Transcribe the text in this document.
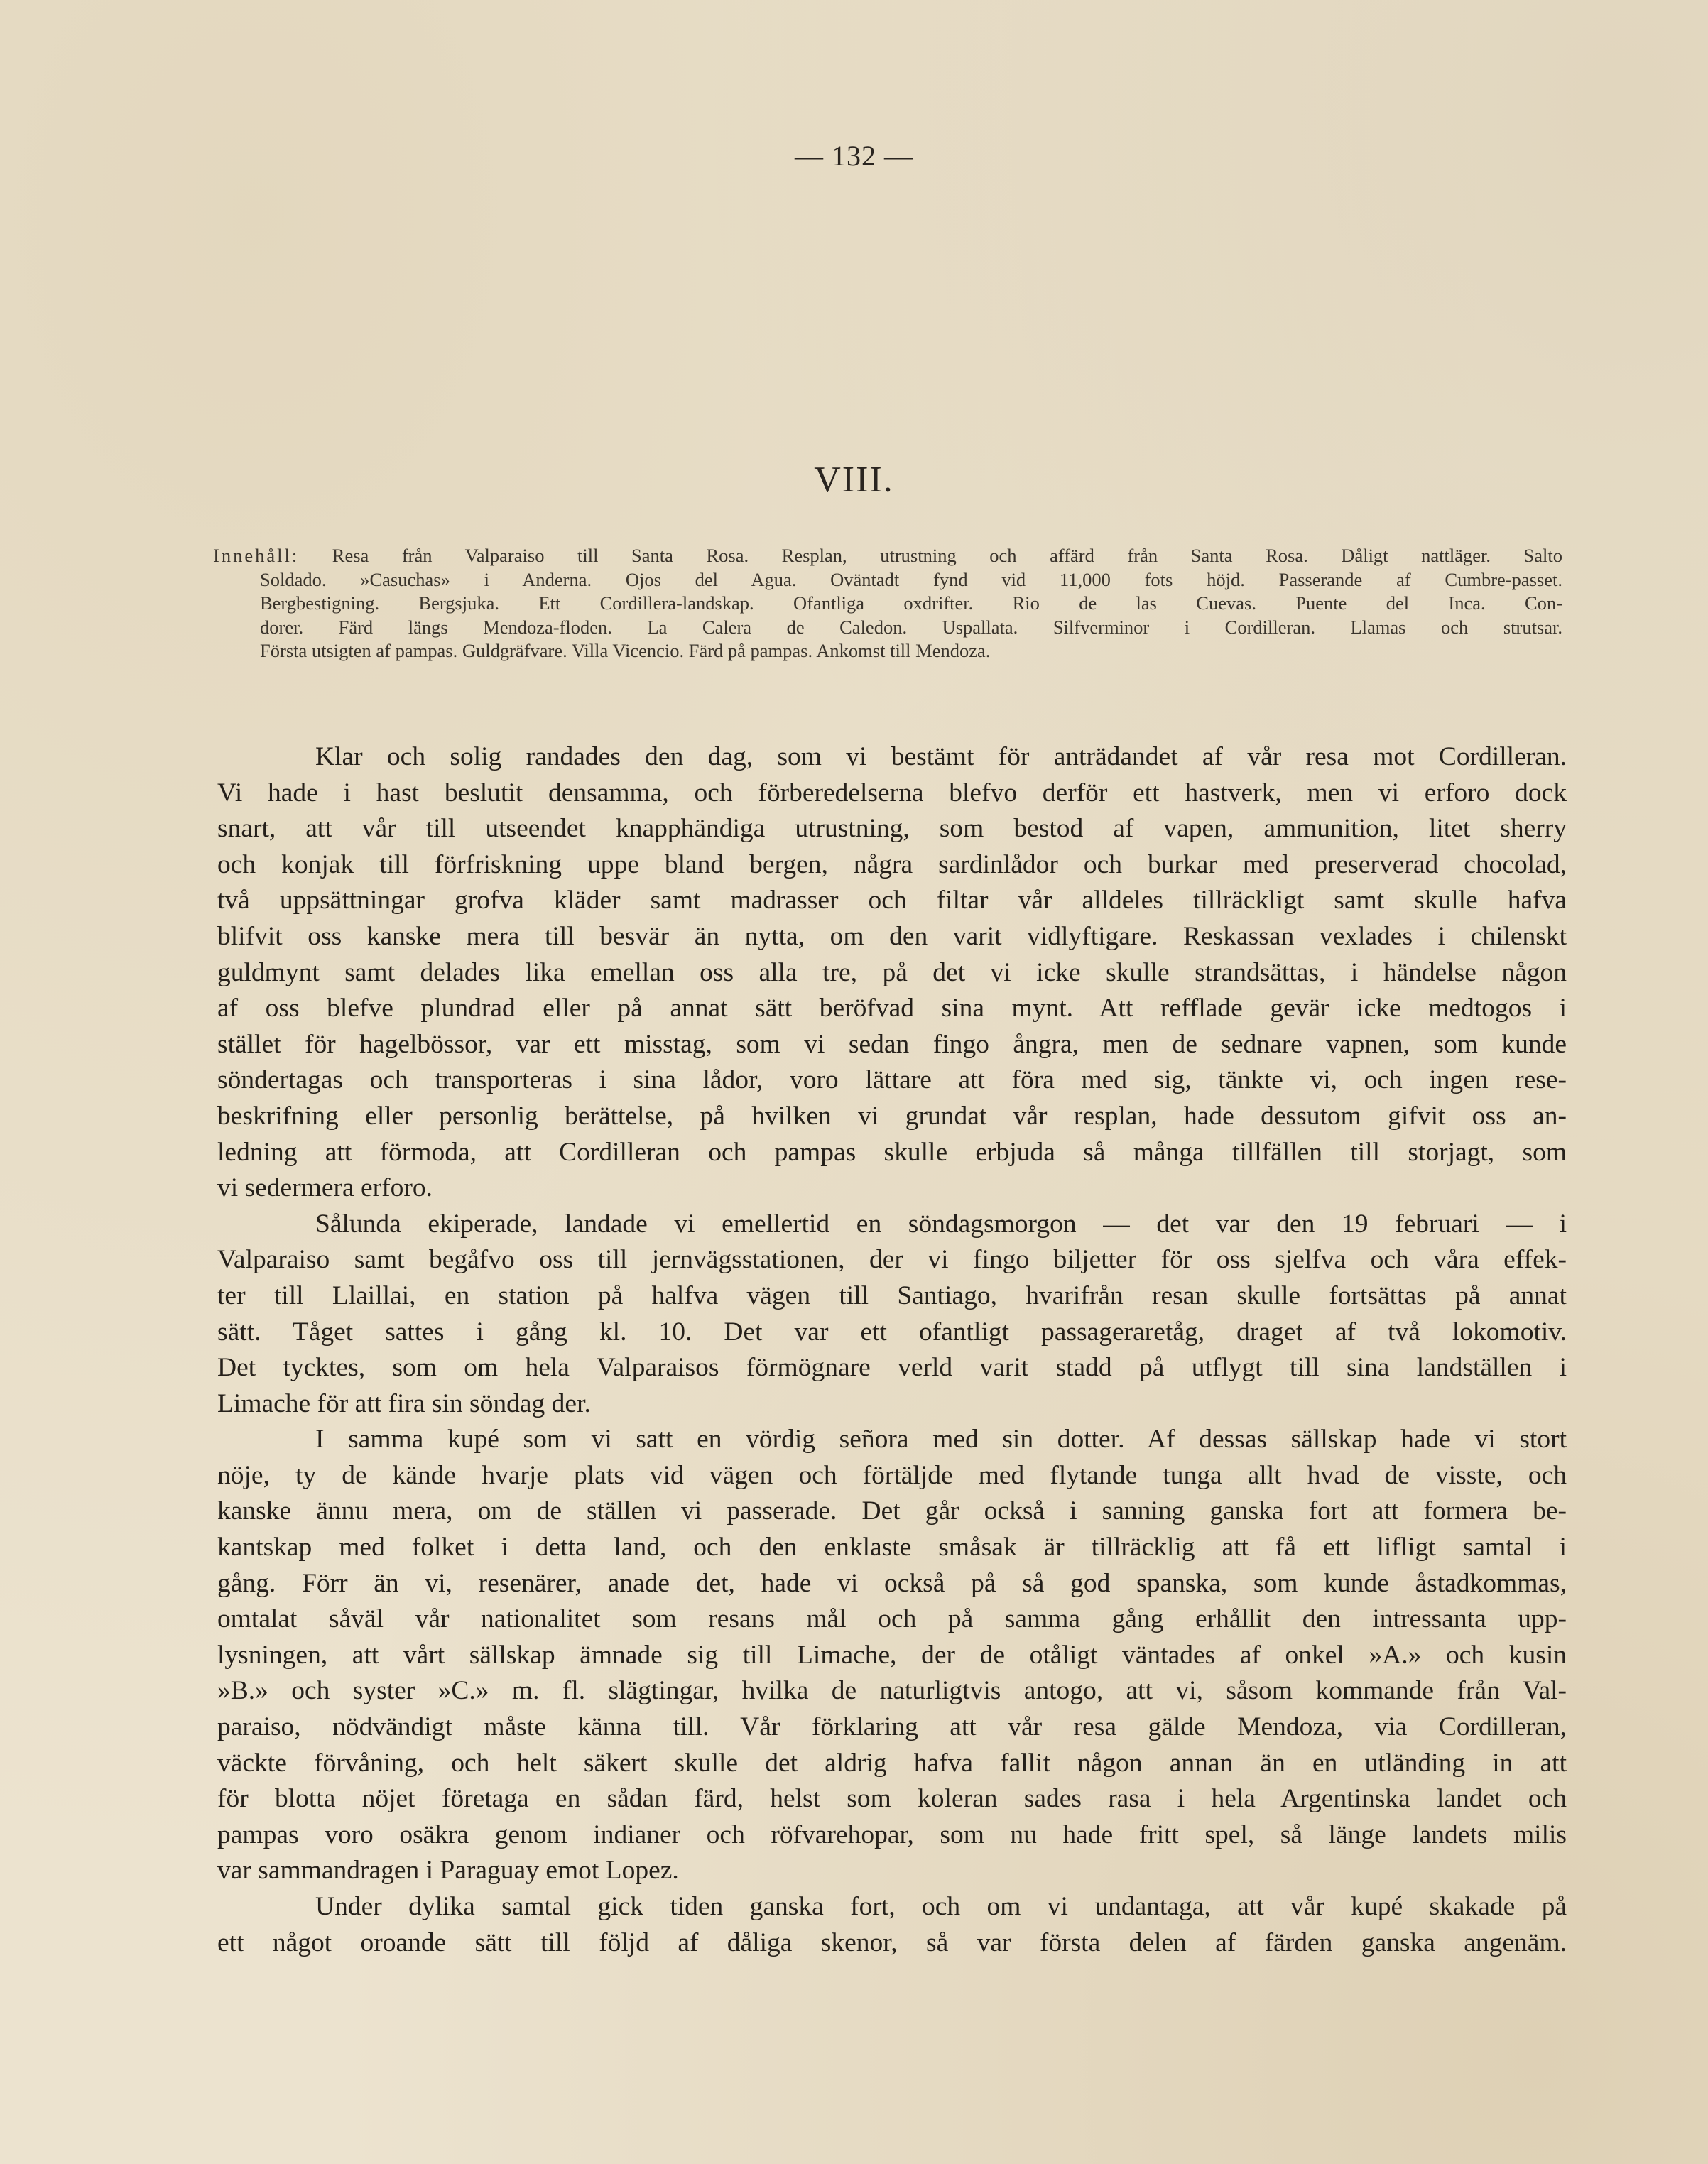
— 132 —
VIII.
Innehåll: Resa från Valparaiso till Santa Rosa. Resplan, utrustning och affärd från Santa Rosa. Dåligt nattläger. Salto
Soldado. »Casuchas» i Anderna. Ojos del Agua. Oväntadt fynd vid 11,000 fots höjd. Passerande af Cumbre-passet.
Bergbestigning. Bergsjuka. Ett Cordillera-landskap. Ofantliga oxdrifter. Rio de las Cuevas. Puente del Inca. Con-
dorer. Färd längs Mendoza-floden. La Calera de Caledon. Uspallata. Silfverminor i Cordilleran. Llamas och strutsar.
Första utsigten af pampas. Guldgräfvare. Villa Vicencio. Färd på pampas. Ankomst till Mendoza.
Klar och solig randades den dag, som vi bestämt för anträdandet af vår resa mot Cordilleran.
Vi hade i hast beslutit densamma, och förberedelserna blefvo derför ett hastverk, men vi erforo dock
snart, att vår till utseendet knapphändiga utrustning, som bestod af vapen, ammunition, litet sherry
och konjak till förfriskning uppe bland bergen, några sardinlådor och burkar med preserverad chocolad,
två uppsättningar grofva kläder samt madrasser och filtar vår alldeles tillräckligt samt skulle hafva
blifvit oss kanske mera till besvär än nytta, om den varit vidlyftigare. Reskassan vexlades i chilenskt
guldmynt samt delades lika emellan oss alla tre, på det vi icke skulle strandsättas, i händelse någon
af oss blefve plundrad eller på annat sätt beröfvad sina mynt. Att refflade gevär icke medtogos i
stället för hagelbössor, var ett misstag, som vi sedan fingo ångra, men de sednare vapnen, som kunde
söndertagas och transporteras i sina lådor, voro lättare att föra med sig, tänkte vi, och ingen rese-
beskrifning eller personlig berättelse, på hvilken vi grundat vår resplan, hade dessutom gifvit oss an-
ledning att förmoda, att Cordilleran och pampas skulle erbjuda så många tillfällen till storjagt, som
vi sedermera erforo.
Sålunda ekiperade, landade vi emellertid en söndagsmorgon — det var den 19 februari — i
Valparaiso samt begåfvo oss till jernvägsstationen, der vi fingo biljetter för oss sjelfva och våra effek-
ter till Llaillai, en station på halfva vägen till Santiago, hvarifrån resan skulle fortsättas på annat
sätt. Tåget sattes i gång kl. 10. Det var ett ofantligt passageraretåg, draget af två lokomotiv.
Det tycktes, som om hela Valparaisos förmögnare verld varit stadd på utflygt till sina landställen i
Limache för att fira sin söndag der.
I samma kupé som vi satt en vördig señora med sin dotter. Af dessas sällskap hade vi stort
nöje, ty de kände hvarje plats vid vägen och förtäljde med flytande tunga allt hvad de visste, och
kanske ännu mera, om de ställen vi passerade. Det går också i sanning ganska fort att formera be-
kantskap med folket i detta land, och den enklaste småsak är tillräcklig att få ett lifligt samtal i
gång. Förr än vi, resenärer, anade det, hade vi också på så god spanska, som kunde åstadkommas,
omtalat såväl vår nationalitet som resans mål och på samma gång erhållit den intressanta upp-
lysningen, att vårt sällskap ämnade sig till Limache, der de otåligt väntades af onkel »A.» och kusin
»B.» och syster »C.» m. fl. slägtingar, hvilka de naturligtvis antogo, att vi, såsom kommande från Val-
paraiso, nödvändigt måste känna till. Vår förklaring att vår resa gälde Mendoza, via Cordilleran,
väckte förvåning, och helt säkert skulle det aldrig hafva fallit någon annan än en utländing in att
för blotta nöjet företaga en sådan färd, helst som koleran sades rasa i hela Argentinska landet och
pampas voro osäkra genom indianer och röfvarehopar, som nu hade fritt spel, så länge landets milis
var sammandragen i Paraguay emot Lopez.
Under dylika samtal gick tiden ganska fort, och om vi undantaga, att vår kupé skakade på
ett något oroande sätt till följd af dåliga skenor, så var första delen af färden ganska angenäm.
